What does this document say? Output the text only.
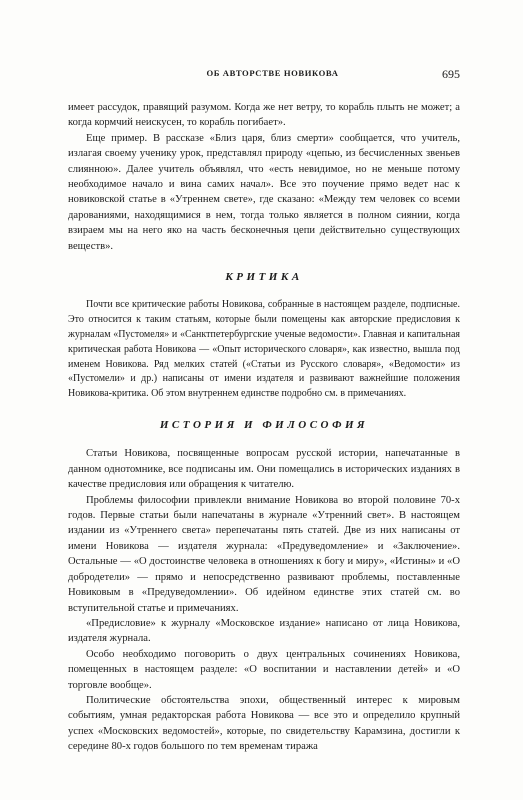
ОБ АВТОРСТВЕ НОВИКОВА	695

имеет рассудок, правящий разумом. Когда же нет ветру, то корабль плыть не может; а когда кормчий неискусен, то корабль погибает».

Еще пример. В рассказе «Близ царя, близ смерти» сообщается, что учитель, излагая своему ученику урок, представлял природу «цепью, из бесчисленных звеньев слиянною». Далее учитель объявлял, что «есть невидимое, но не меньше потому необходимое начало и вина самих начал». Все это поучение прямо ведет нас к новиковской статье в «Утреннем свете», где сказано: «Между тем человек со всеми дарованиями, находящимися в нем, тогда только является в полном сиянии, когда взираем мы на него яко на часть бесконечныя цепи действительно существующих веществ».

КРИТИКА

Почти все критические работы Новикова, собранные в настоящем разделе, подписные. Это относится к таким статьям, которые были помещены как авторские предисловия к журналам «Пустомеля» и «Санктпетербургские ученые ведомости». Главная и капитальная критическая работа Новикова — «Опыт исторического словаря», как известно, вышла под именем Новикова. Ряд мелких статей («Статьи из Русского словаря», «Ведомости» из «Пустомели» и др.) написаны от имени издателя и развивают важнейшие положения Новикова-критика. Об этом внутреннем единстве подробно см. в примечаниях.

ИСТОРИЯ И ФИЛОСОФИЯ

Статьи Новикова, посвященные вопросам русской истории, напечатанные в данном однотомнике, все подписаны им. Они помещались в исторических изданиях в качестве предисловия или обращения к читателю.

Проблемы философии привлекли внимание Новикова во второй половине 70-х годов. Первые статьи были напечатаны в журнале «Утренний свет». В настоящем издании из «Утреннего света» перепечатаны пять статей. Две из них написаны от имени Новикова — издателя журнала: «Предуведомление» и «Заключение». Остальные — «О достоинстве человека в отношениях к богу и миру», «Истины» и «О добродетели» — прямо и непосредственно развивают проблемы, поставленные Новиковым в «Предуведомлении». Об идейном единстве этих статей см. во вступительной статье и примечаниях.

«Предисловие» к журналу «Московское издание» написано от лица Новикова, издателя журнала.

Особо необходимо поговорить о двух центральных сочинениях Новикова, помещенных в настоящем разделе: «О воспитании и наставлении детей» и «О торговле вообще».

Политические обстоятельства эпохи, общественный интерес к мировым событиям, умная редакторская работа Новикова — все это и определило крупный успех «Московских ведомостей», которые, по свидетельству Карамзина, достигли к середине 80-х годов большого по тем временам тиража
